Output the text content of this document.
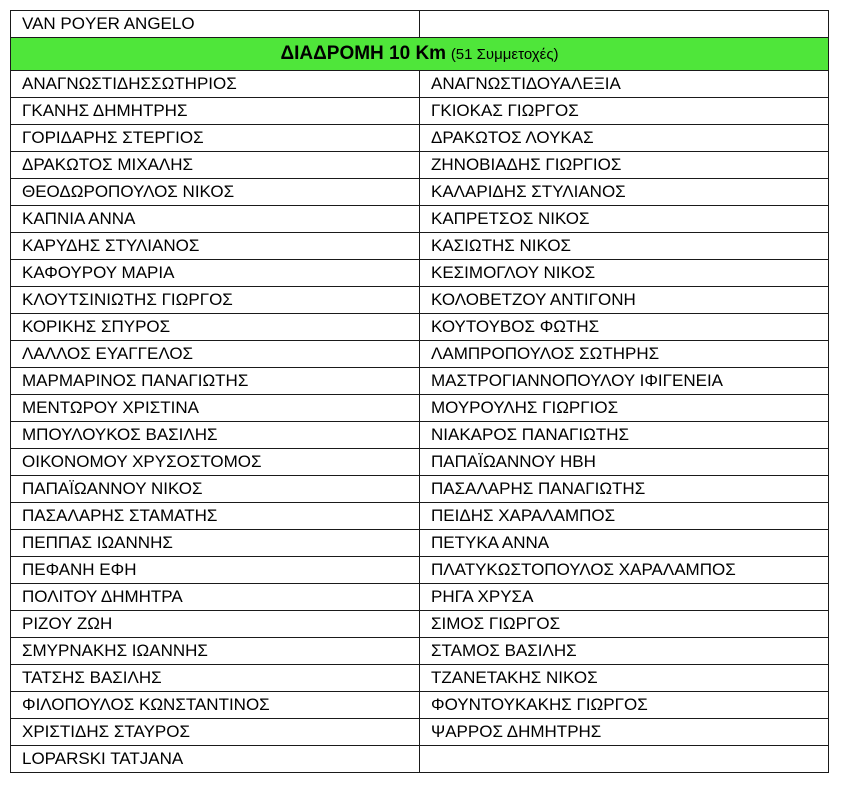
VAN POYER ANGELO	
ΔΙΑΔΡΟΜΗ 10 Km (51 Συμμετοχές)	
ΑΝΑΓΝΩΣΤΙΔΗΣΣΩΤΗΡΙΟΣ	ΑΝΑΓΝΩΣΤΙΔΟΥΑΛΕΞΙΑ
ΓΚΑΝΗΣ ΔΗΜΗΤΡΗΣ	ΓΚΙΟΚΑΣ ΓΙΩΡΓΟΣ
ΓΟΡΙΔΑΡΗΣ ΣΤΕΡΓΙΟΣ	ΔΡΑΚΩΤΟΣ ΛΟΥΚΑΣ
ΔΡΑΚΩΤΟΣ ΜΙΧΑΛΗΣ	ΖΗΝΟΒΙΑΔΗΣ ΓΙΩΡΓΙΟΣ
ΘΕΟΔΩΡΟΠΟΥΛΟΣ ΝΙΚΟΣ	ΚΑΛΑΡΙΔΗΣ ΣΤΥΛΙΑΝΟΣ
ΚΑΠΝΙΑ ΑΝΝΑ	ΚΑΠΡΕΤΣΟΣ ΝΙΚΟΣ
ΚΑΡΥΔΗΣ ΣΤΥΛΙΑΝΟΣ	ΚΑΣΙΩΤΗΣ ΝΙΚΟΣ
ΚΑΦΟΥΡΟΥ ΜΑΡΙΑ	ΚΕΣΙΜΟΓΛΟΥ ΝΙΚΟΣ
ΚΛΟΥΤΣΙΝΙΩΤΗΣ ΓΙΩΡΓΟΣ	ΚΟΛΟΒΕΤΖΟΥ ΑΝΤΙΓΟΝΗ
ΚΟΡΙΚΗΣ ΣΠΥΡΟΣ	ΚΟΥΤΟΥΒΟΣ ΦΩΤΗΣ
ΛΑΛΛΟΣ ΕΥΑΓΓΕΛΟΣ	ΛΑΜΠΡΟΠΟΥΛΟΣ ΣΩΤΗΡΗΣ
ΜΑΡΜΑΡΙΝΟΣ ΠΑΝΑΓΙΩΤΗΣ	ΜΑΣΤΡΟΓΙΑΝΝΟΠΟΥΛΟΥ ΙΦΙΓΕΝΕΙΑ
ΜΕΝΤΩΡΟΥ ΧΡΙΣΤΙΝΑ	ΜΟΥΡΟΥΛΗΣ ΓΙΩΡΓΙΟΣ
ΜΠΟΥΛΟΥΚΟΣ ΒΑΣΙΛΗΣ	ΝΙΑΚΑΡΟΣ ΠΑΝΑΓΙΩΤΗΣ
ΟΙΚΟΝΟΜΟΥ ΧΡΥΣΟΣΤΟΜΟΣ	ΠΑΠΑΪΩΑΝΝΟΥ ΗΒΗ
ΠΑΠΑΪΩΑΝΝΟΥ ΝΙΚΟΣ	ΠΑΣΑΛΑΡΗΣ ΠΑΝΑΓΙΩΤΗΣ
ΠΑΣΑΛΑΡΗΣ ΣΤΑΜΑΤΗΣ	ΠΕΙΔΗΣ ΧΑΡΑΛΑΜΠΟΣ
ΠΕΠΠΑΣ ΙΩΑΝΝΗΣ	ΠΕΤΥΚΑ ΑΝΝΑ
ΠΕΦΑΝΗ ΕΦΗ	ΠΛΑΤΥΚΩΣΤΟΠΟΥΛΟΣ ΧΑΡΑΛΑΜΠΟΣ
ΠΟΛΙΤΟΥ ΔΗΜΗΤΡΑ	ΡΗΓΑ ΧΡΥΣΑ
ΡΙΖΟΥ ΖΩΗ	ΣΙΜΟΣ ΓΙΩΡΓΟΣ
ΣΜΥΡΝΑΚΗΣ ΙΩΑΝΝΗΣ	ΣΤΑΜΟΣ ΒΑΣΙΛΗΣ
ΤΑΤΣΗΣ ΒΑΣΙΛΗΣ	ΤΖΑΝΕΤΑΚΗΣ ΝΙΚΟΣ
ΦΙΛΟΠΟΥΛΟΣ ΚΩΝΣΤΑΝΤΙΝΟΣ	ΦΟΥΝΤΟΥΚΑΚΗΣ ΓΙΩΡΓΟΣ
ΧΡΙΣΤΙΔΗΣ ΣΤΑΥΡΟΣ	ΨΑΡΡΟΣ ΔΗΜΗΤΡΗΣ
LOPARSKI TATJANA	
